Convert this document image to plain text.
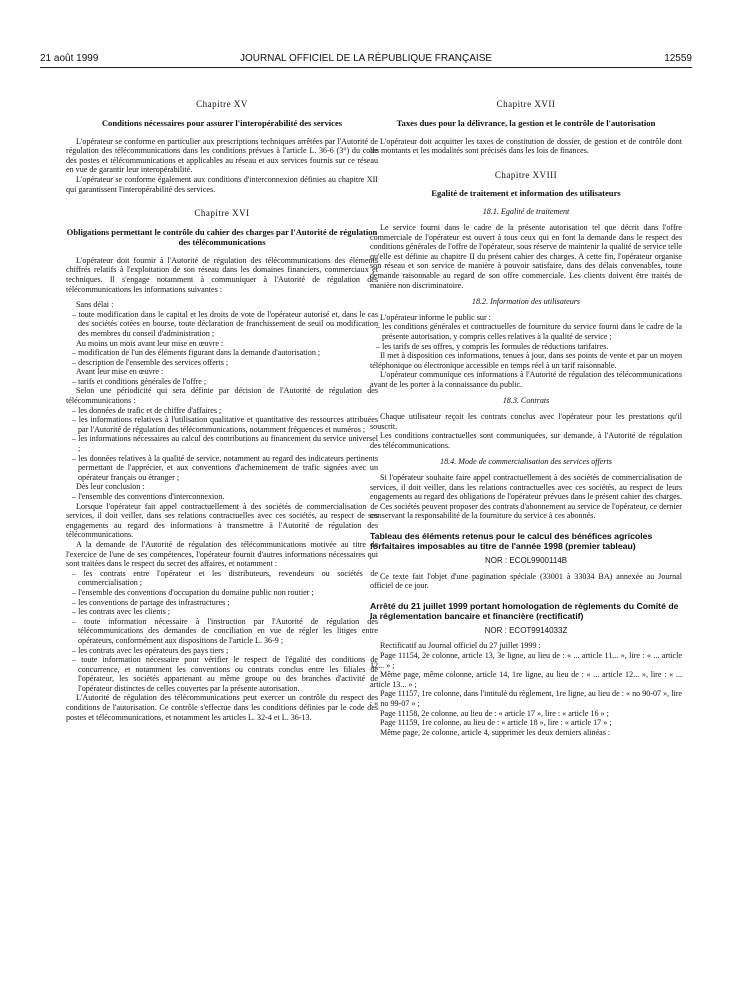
21 août 1999	JOURNAL OFFICIEL DE LA RÉPUBLIQUE FRANÇAISE	12559
Chapitre XV
Conditions nécessaires pour assurer l'interopérabilité des services

L'opérateur se conforme en particulier aux prescriptions techniques arrêtées par l'Autorité de régulation des télécommunications dans les conditions prévues à l'article L. 36-6 (3°) du code des postes et télécommunications et applicables au réseau et aux services fournis sur ce réseau en vue de garantir leur interopérabilité.

L'opérateur se conforme également aux conditions d'interconnexion définies au chapitre XII qui garantissent l'interopérabilité des services.

Chapitre XVI
Obligations permettant le contrôle du cahier des charges par l'Autorité de régulation des télécommunications

L'opérateur doit fournir à l'Autorité de régulation des télécommunications des éléments chiffrés relatifs à l'exploitation de son réseau dans les domaines financiers, commerciaux et techniques. Il s'engage notamment à communiquer à l'Autorité de régulation des télécommunications les informations suivantes :

Sans délai :

– toute modification dans le capital et les droits de vote de l'opérateur autorisé et, dans le cas des sociétés cotées en bourse, toute déclaration de franchissement de seuil ou modification des membres du conseil d'administration ;

Au moins un mois avant leur mise en œuvre :

– modification de l'un des éléments figurant dans la demande d'autorisation ;

– description de l'ensemble des services offerts ;

Avant leur mise en œuvre :

– tarifs et conditions générales de l'offre ;

Selon une périodicité qui sera définie par décision de l'Autorité de régulation des télécommunications :

– les données de trafic et de chiffre d'affaires ;

– les informations relatives à l'utilisation qualitative et quantitative des ressources attribuées par l'Autorité de régulation des télécommunications, notamment fréquences et numéros ;

– les informations nécessaires au calcul des contributions au financement du service universel ;

– les données relatives à la qualité de service, notamment au regard des indicateurs pertinents permettant de l'apprécier, et aux conventions d'acheminement de trafic signées avec un opérateur français ou étranger ;

Dès leur conclusion :

– l'ensemble des conventions d'interconnexion.

Lorsque l'opérateur fait appel contractuellement à des sociétés de commercialisation de services, il doit veiller, dans ses relations contractuelles avec ces sociétés, au respect de ses engagements au regard des informations à transmettre à l'Autorité de régulation des télécommunications.

A la demande de l'Autorité de régulation des télécommunications motivée au titre de l'exercice de l'une de ses compétences, l'opérateur fournit d'autres informations nécessaires qui sont traitées dans le respect du secret des affaires, et notamment :

– les contrats entre l'opérateur et les distributeurs, revendeurs ou sociétés de commercialisation ;

– l'ensemble des conventions d'occupation du domaine public non routier ;

– les conventions de partage des infrastructures ;

– les contrats avec les clients ;

– toute information nécessaire à l'instruction par l'Autorité de régulation des télécommunications des demandes de conciliation en vue de régler les litiges entre opérateurs, conformément aux dispositions de l'article L. 36-9 ;

– les contrats avec les opérateurs des pays tiers ;

– toute information nécessaire pour vérifier le respect de l'égalité des conditions de concurrence, et notamment les conventions ou contrats conclus entre les filiales de l'opérateur, les sociétés appartenant au même groupe ou des branches d'activité de l'opérateur distinctes de celles couvertes par la présente autorisation.

L'Autorité de régulation des télécommunications peut exercer un contrôle du respect des conditions de l'autorisation. Ce contrôle s'effectue dans les conditions définies par le code des postes et télécommunications, et notamment les articles L. 32-4 et L. 36-13.

Chapitre XVII
Taxes dues pour la délivrance, la gestion et le contrôle de l'autorisation

L'opérateur doit acquitter les taxes de constitution de dossier, de gestion et de contrôle dont les montants et les modalités sont précisés dans les lois de finances.

Chapitre XVIII
Egalité de traitement et information des utilisateurs
18.1. Egalité de traitement

Le service fourni dans le cadre de la présente autorisation tel que décrit dans l'offre commerciale de l'opérateur est ouvert à tous ceux qui en font la demande dans le respect des conditions générales de l'offre de l'opérateur, sous réserve de maintenir la qualité de service telle qu'elle est définie au chapitre II du présent cahier des charges. A cette fin, l'opérateur organise son réseau et son service de manière à pouvoir satisfaire, dans des délais convenables, toute demande raisonnable au regard de son offre commerciale. Les clients doivent être traités de manière non discriminatoire.

18.2. Information des utilisateurs

L'opérateur informe le public sur :

– les conditions générales et contractuelles de fourniture du service fourni dans le cadre de la présente autorisation, y compris celles relatives à la qualité de service ;

– les tarifs de ses offres, y compris les formules de réductions tarifaires.

Il met à disposition ces informations, tenues à jour, dans ses points de vente et par un moyen téléphonique ou électronique accessible en temps réel à un tarif raisonnable.

L'opérateur communique ces informations à l'Autorité de régulation des télécommunications avant de les porter à la connaissance du public.

18.3. Contrats

Chaque utilisateur reçoit les contrats conclus avec l'opérateur pour les prestations qu'il souscrit.

Les conditions contractuelles sont communiquées, sur demande, à l'Autorité de régulation des télécommunications.

18.4. Mode de commercialisation des services offerts

Si l'opérateur souhaite faire appel contractuellement à des sociétés de commercialisation de services, il doit veiller, dans les relations contractuelles avec ces sociétés, au respect de leurs engagements au regard des obligations de l'opérateur prévues dans le présent cahier des charges.

Ces sociétés peuvent proposer des contrats d'abonnement au service de l'opérateur, ce dernier conservant la responsabilité de la fourniture du service à ces abonnés.

Tableau des éléments retenus pour le calcul des bénéfices agricoles forfaitaires imposables au titre de l'année 1998 (premier tableau)

NOR : ECOL9900114B

Ce texte fait l'objet d'une pagination spéciale (33001 à 33034 BA) annexée au Journal officiel de ce jour.

Arrêté du 21 juillet 1999 portant homologation de règlements du Comité de la réglementation bancaire et financière (rectificatif)

NOR : ECOT9914033Z

Rectificatif au Journal officiel du 27 juillet 1999 :

Page 11154, 2e colonne, article 13, 3e ligne, au lieu de : « ... article 11... », lire : « ... article 12... » ;

Même page, même colonne, article 14, 1re ligne, au lieu de : « ... article 12... », lire : « ... article 13... » ;

Page 11157, 1re colonne, dans l'intitulé du règlement, 1re ligne, au lieu de : « no 90-07 », lire : « no 99-07 » ;

Page 11158, 2e colonne, au lieu de : « article 17 », lire : « article 16 » ;

Page 11159, 1re colonne, au lieu de : « article 18 », lire : « article 17 » ;

Même page, 2e colonne, article 4, supprimer les deux derniers alinéas :
